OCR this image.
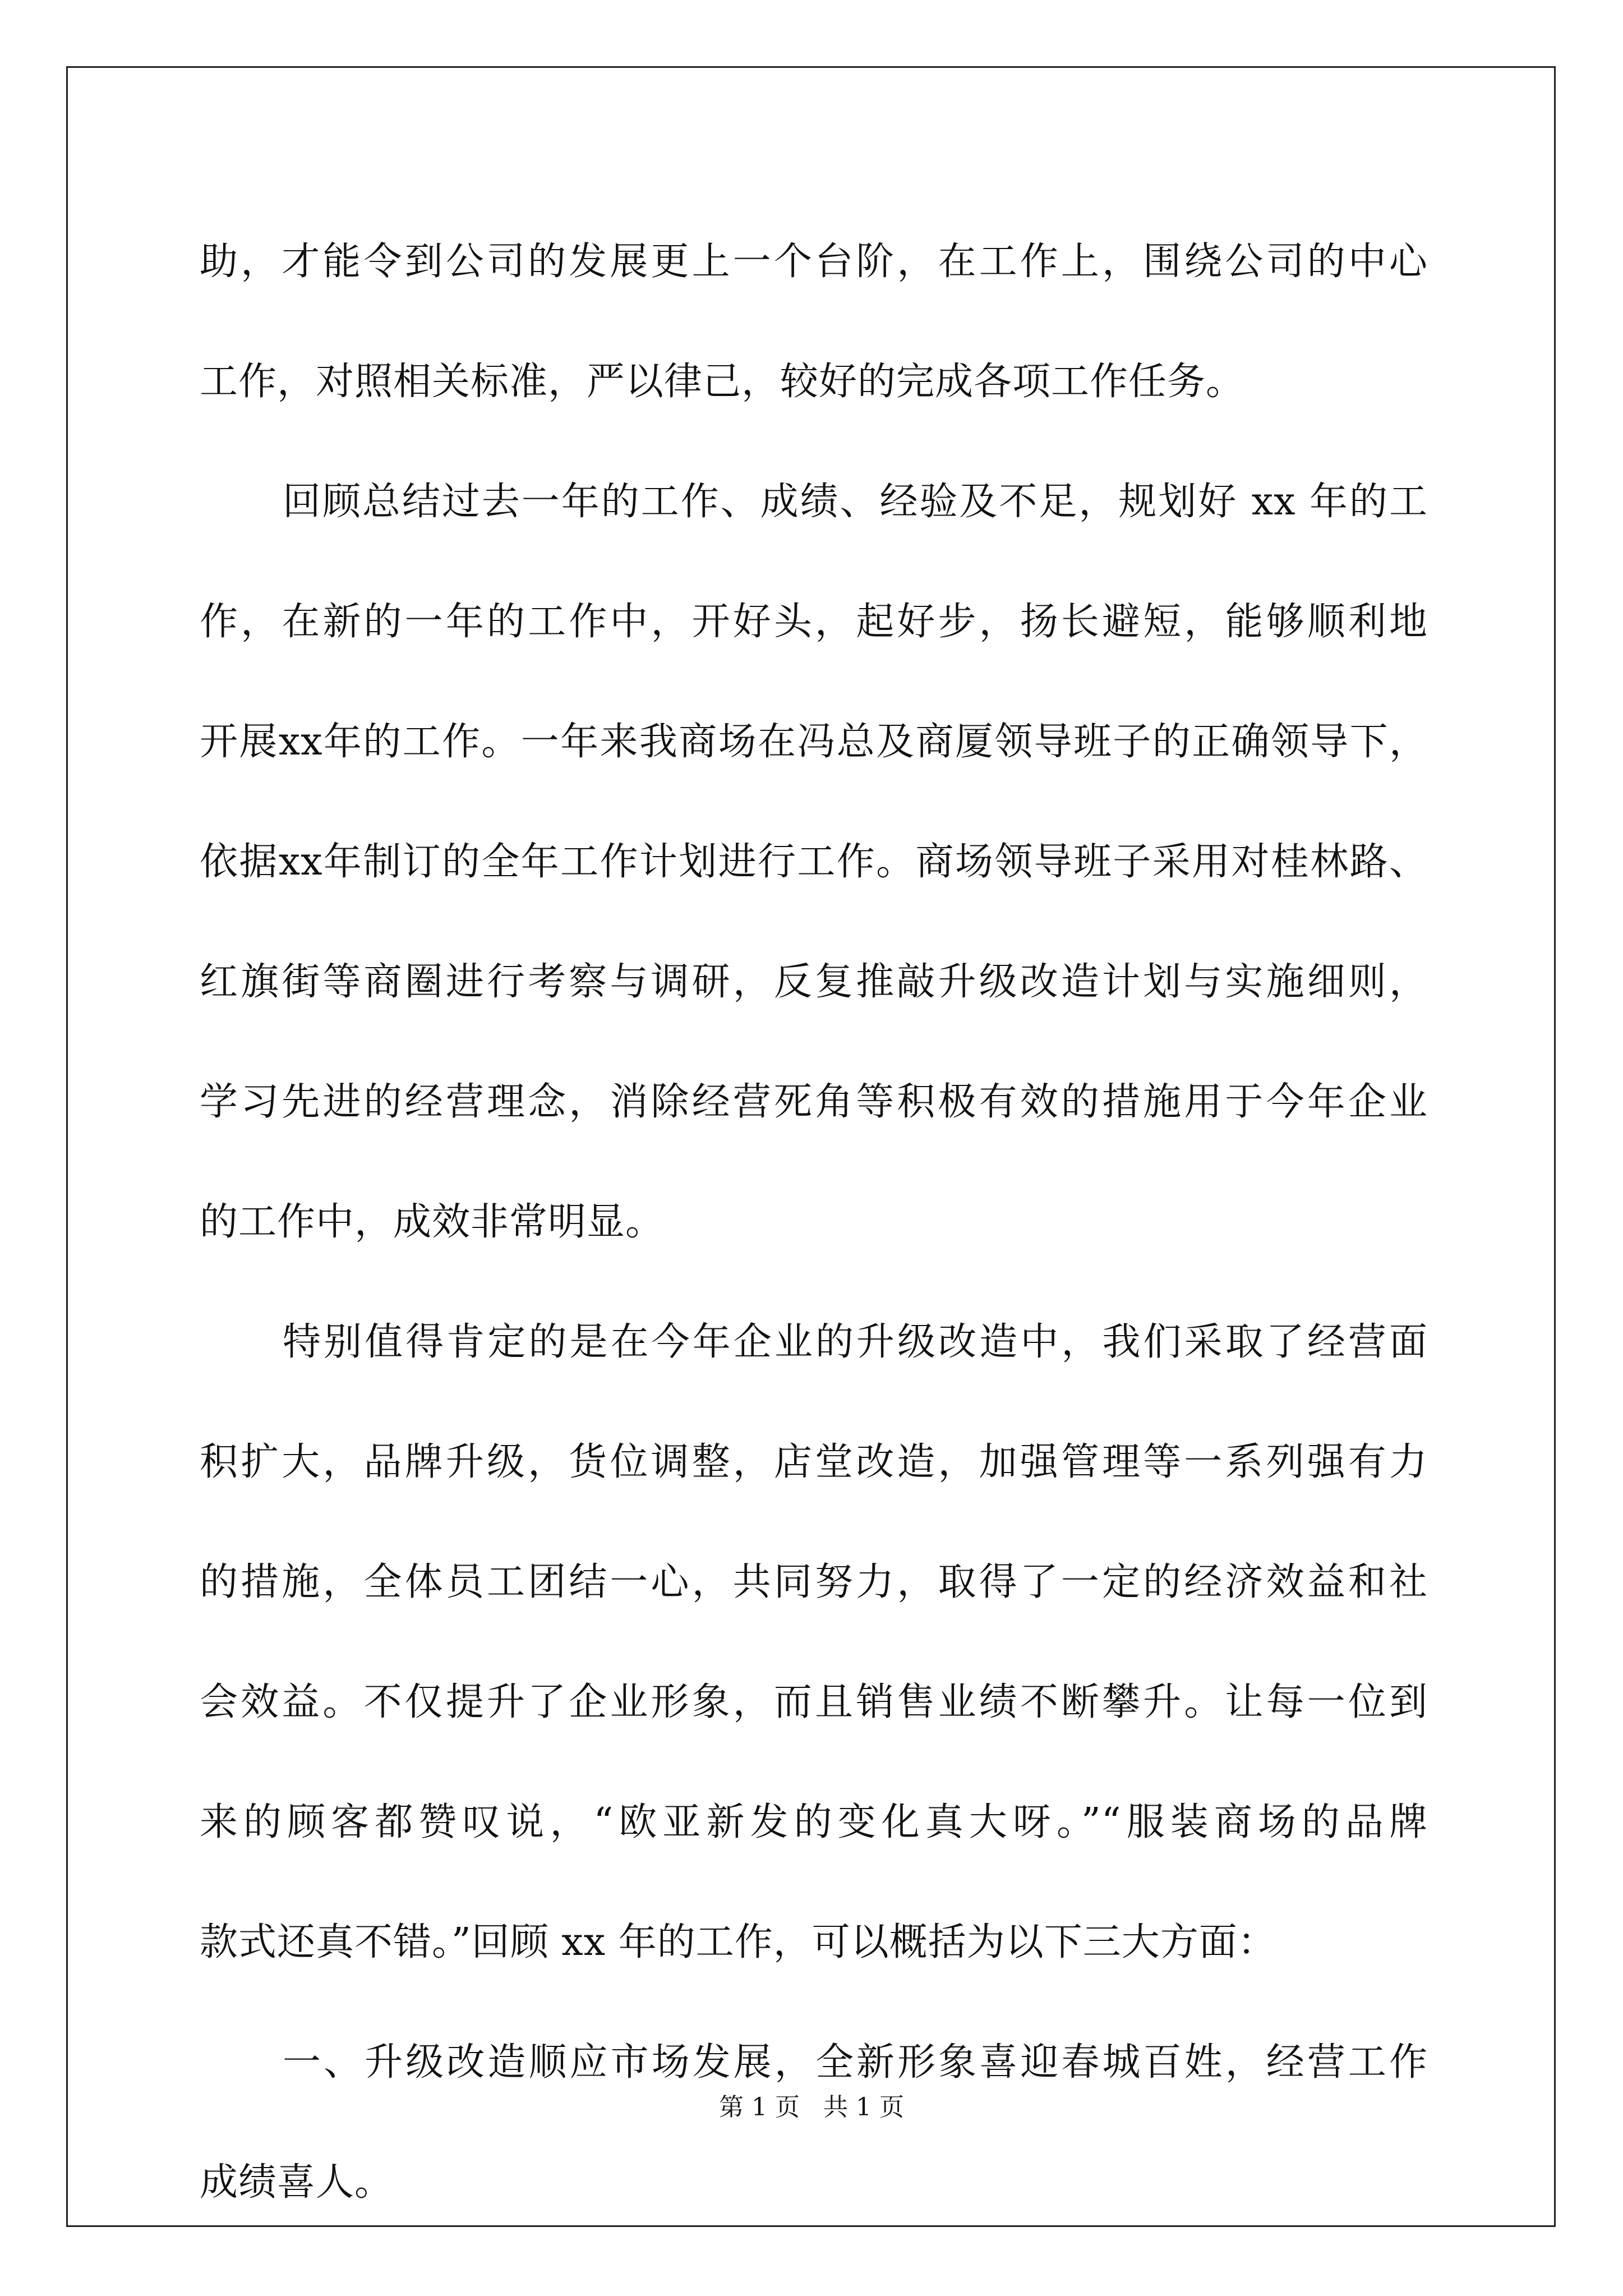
助，才能令到公司的发展更上一个台阶，在工作上，围绕公司的中心
工作，对照相关标准，严以律己，较好的完成各项工作任务。
回顾总结过去一年的工作、成绩、经验及不足，规划好 xx 年的工
作，在新的一年的工作中，开好头，起好步，扬长避短，能够顺利地
开展xx年的工作。一年来我商场在冯总及商厦领导班子的正确领导下，
依据xx年制订的全年工作计划进行工作。商场领导班子采用对桂林路、
红旗街等商圈进行考察与调研，反复推敲升级改造计划与实施细则，
学习先进的经营理念，消除经营死角等积极有效的措施用于今年企业
的工作中，成效非常明显。
特别值得肯定的是在今年企业的升级改造中，我们采取了经营面
积扩大，品牌升级，货位调整，店堂改造，加强管理等一系列强有力
的措施，全体员工团结一心，共同努力，取得了一定的经济效益和社
会效益。不仅提升了企业形象，而且销售业绩不断攀升。让每一位到
来的顾客都赞叹说，“欧亚新发的变化真大呀。”“服装商场的品牌
款式还真不错。”回顾 xx 年的工作，可以概括为以下三大方面：
一、升级改造顺应市场发展，全新形象喜迎春城百姓，经营工作
成绩喜人。
第 1 页   共 1 页
